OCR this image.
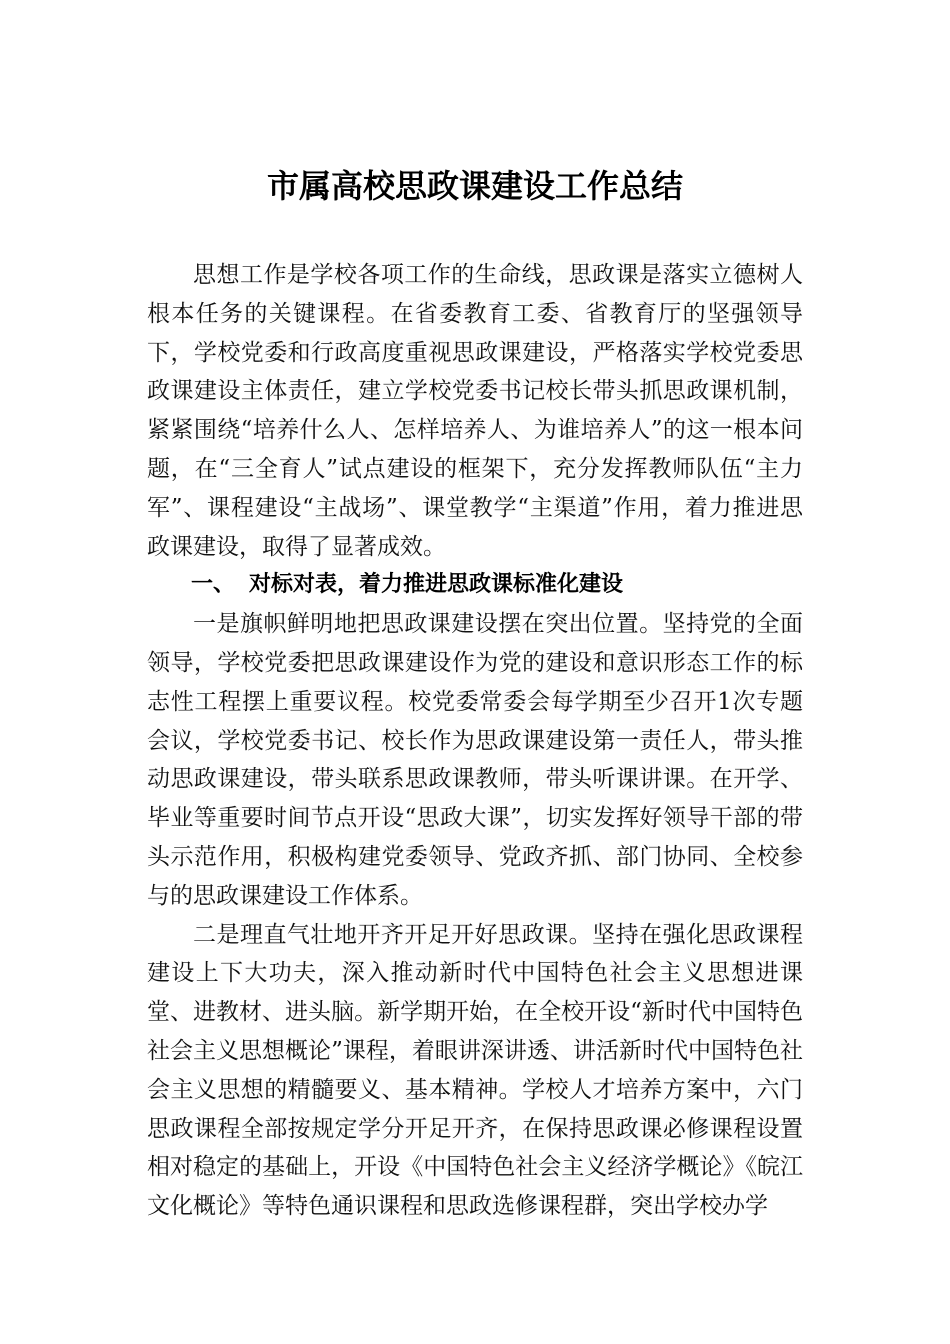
市属高校思政课建设工作总结

思想工作是学校各项工作的生命线，思政课是落实立德树人根本任务的关键课程。在省委教育工委、省教育厅的坚强领导下，学校党委和行政高度重视思政课建设，严格落实学校党委思政课建设主体责任，建立学校党委书记校长带头抓思政课机制，紧紧围绕“培养什么人、怎样培养人、为谁培养人”的这一根本问题，在“三全育人”试点建设的框架下，充分发挥教师队伍“主力军”、课程建设“主战场”、课堂教学“主渠道”作用，着力推进思政课建设，取得了显著成效。

一、 对标对表，着力推进思政课标准化建设

一是旗帜鲜明地把思政课建设摆在突出位置。坚持党的全面领导，学校党委把思政课建设作为党的建设和意识形态工作的标志性工程摆上重要议程。校党委常委会每学期至少召开1次专题会议，学校党委书记、校长作为思政课建设第一责任人，带头推动思政课建设，带头联系思政课教师，带头听课讲课。在开学、毕业等重要时间节点开设“思政大课”，切实发挥好领导干部的带头示范作用，积极构建党委领导、党政齐抓、部门协同、全校参与的思政课建设工作体系。

二是理直气壮地开齐开足开好思政课。坚持在强化思政课程建设上下大功夫，深入推动新时代中国特色社会主义思想进课堂、进教材、进头脑。新学期开始，在全校开设“新时代中国特色社会主义思想概论”课程，着眼讲深讲透、讲活新时代中国特色社会主义思想的精髓要义、基本精神。学校人才培养方案中，六门思政课程全部按规定学分开足开齐，在保持思政课必修课程设置相对稳定的基础上，开设《中国特色社会主义经济学概论》《皖江文化概论》等特色通识课程和思政选修课程群，突出学校办学
